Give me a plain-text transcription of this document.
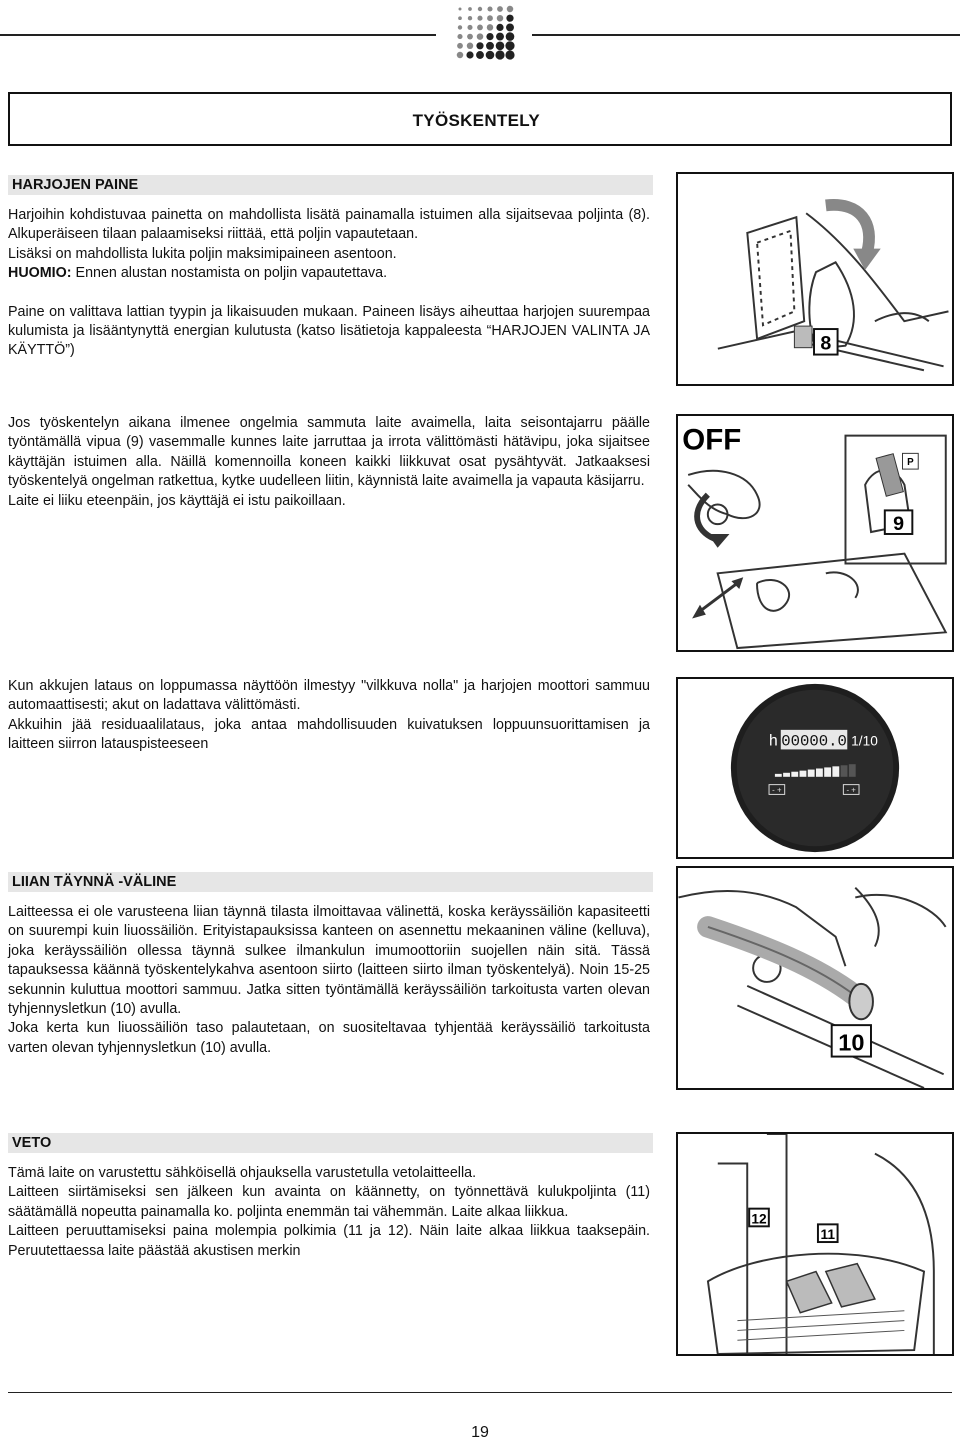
TYÖSKENTELY
HARJOJEN PAINE

Harjoihin kohdistuvaa painetta on mahdollista lisätä painamalla istuimen alla sijaitsevaa poljinta (8). Alkuperäiseen tilaan palaamiseksi riittää, että poljin vapautetaan.

Lisäksi on mahdollista lukita poljin maksimipaineen asentoon.

HUOMIO: Ennen alustan nostamista on poljin vapautettava.

Paine on valittava lattian tyypin ja likaisuuden mukaan. Paineen lisäys aiheuttaa harjojen suurempaa kulumista ja lisääntynyttä energian kulutusta (katso lisätietoja kappaleesta “HARJOJEN VALINTA JA KÄYTTÖ”)	8

Jos työskentelyn aikana ilmenee ongelmia sammuta laite avaimella, laita seisontajarru päälle työntämällä vipua (9) vasemmalle kunnes laite jarruttaa ja irrota välittömästi hätävipu, joka sijaitsee käyttäjän istuimen alla. Näillä komennoilla koneen kaikki liikkuvat osat pysähtyvät. Jatkaaksesi työskentelyä ongelman ratkettua, kytke uudelleen liitin, käynnistä laite avaimella ja vapauta käsijarru.

Laite ei liiku eteenpäin, jos käyttäjä ei istu paikoillaan.

OFF
P
9

Kun akkujen lataus on loppumassa näyttöön ilmestyy "vilkkuva nolla" ja harjojen moottori sammuu automaattisesti; akut on ladattava välittömästi.

Akkuihin jää residuaalilataus, joka antaa mahdollisuuden kuivatuksen loppuunsuorittamisen ja laitteen siirron latauspisteeseen	h 00000.0 1/10
- +	- +
LIIAN TÄYNNÄ -VÄLINE

Laitteessa ei ole varusteena liian täynnä tilasta ilmoittavaa välinettä, koska keräyssäiliön kapasiteetti on suurempi kuin liuossäiliön. Erityistapauksissa kanteen on asennettu mekaaninen väline (kelluva), joka keräyssäiliön ollessa täynnä sulkee ilmankulun imumoottoriin suojellen näin sitä. Tässä tapauksessa käännä työskentelykahva asentoon siirto (laitteen siirto ilman työskentelyä). Noin 15-25 sekunnin kuluttua moottori sammuu. Jatka sitten työntämällä keräyssäiliön tarkoitusta varten olevan tyhjennysletkun (10) avulla.

Joka kerta kun liuossäiliön taso palautetaan, on suositeltavaa tyhjentää keräyssäiliö tarkoitusta varten olevan tyhjennysletkun (10) avulla.	10
VETO

Tämä laite on varustettu sähköisellä ohjauksella varustetulla vetolaitteella.

Laitteen siirtämiseksi sen jälkeen kun avainta on käännetty, on työnnettävä kulukpoljinta (11) säätämällä nopeutta painamalla ko. poljinta enemmän tai vähemmän. Laite alkaa liikkua.

Laitteen peruuttamiseksi paina molempia polkimia (11 ja 12). Näin laite alkaa liikkua taaksepäin. Peruutettaessa laite päästää akustisen merkin

12
11
19
